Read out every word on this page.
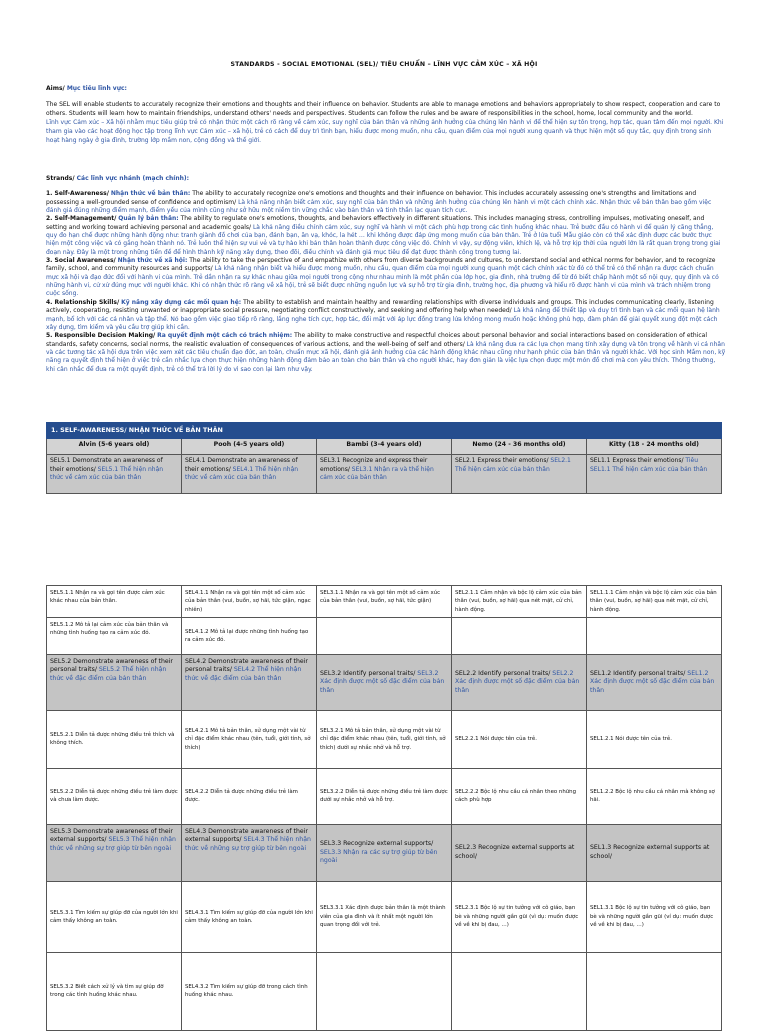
STANDARDS - SOCIAL EMOTIONAL (SEL)/ TIÊU CHUẨN – LĨNH VỰC CẢM XÚC – XÃ HỘI
Aims/ Mục tiêu lĩnh vực:
The SEL will enable students to accurately recognize their emotions and thoughts and their influence on behavior. Students are able to manage emotions and behaviors appropriately to show respect, cooperation and care to others. Students will learn how to maintain friendships, understand others' needs and perspectives. Students can follow the rules and be aware of responsibilities in the school, home, local community and the world.
Lĩnh vực Cảm xúc – Xã hội nhằm mục tiêu giúp trẻ có nhận thức một cách rõ ràng về cảm xúc, suy nghĩ của bản thân và những ảnh hưởng của chúng lên hành vi để thể hiện sự tôn trọng, hợp tác, quan tâm đến mọi người. Khi tham gia vào các hoạt động học tập trong lĩnh vực Cảm xúc – xã hội, trẻ có cách để duy trì tình bạn, hiểu được mong muốn, nhu cầu, quan điểm của mọi người xung quanh và thực hiện một số quy tắc, quy định trong sinh hoạt hàng ngày ở gia đình, trường lớp mầm non, cộng đồng và thế giới.
Strands/ Các lĩnh vực nhánh (mạch chính):

1. Self-Awareness/ Nhận thức về bản thân: The ability to accurately recognize one's emotions and thoughts and their influence on behavior. This includes accurately assessing one's strengths and limitations and possessing a well-grounded sense of confidence and optimism/ Là khả năng nhận biết cảm xúc, suy nghĩ của bản thân và những ảnh hưởng của chúng lên hành vi một cách chính xác. Nhận thức về bản thân bao gồm việc đánh giá đúng những điểm mạnh, điểm yếu của mình cũng như sở hữu một niềm tin vững chắc vào bản thân và tinh thần lạc quan tích cực.

2. Self-Management/ Quản lý bản thân: The ability to regulate one's emotions, thoughts, and behaviors effectively in different situations. This includes managing stress, controlling impulses, motivating oneself, and setting and working toward achieving personal and academic goals/ Là khả năng điều chỉnh cảm xúc, suy nghĩ và hành vi một cách phù hợp trong các tình huống khác nhau. Trẻ bước đầu có hành vi để quản lý căng thẳng, quy đo hạn chế được những hành động như: tranh giành đồ chơi của bạn, đánh bạn, ăn vạ, khóc, la hét … khi không được đáp ứng mong muốn của bản thân. Trẻ ở lứa tuổi Mẫu giáo còn có thể xác định được các bước thực hiện một công việc và có gắng hoàn thành nó. Trẻ luôn thể hiện sự vui vẻ và tự hào khi bản thân hoàn thành được công việc đó. Chính vì vậy, sự động viên, khích lệ, và hỗ trợ kịp thời của người lớn là rất quan trọng trong giai đoạn này. Đây là một trong những tiền đề để hình thành kỹ năng xây dựng, theo đõi, điều chỉnh và đánh giá mục tiêu để đạt được thành công trong tương lai.

3. Social Awareness/ Nhận thức về xã hội: The ability to take the perspective of and empathize with others from diverse backgrounds and cultures, to understand social and ethical norms for behavior, and to recognize family, school, and community resources and supports/ Là khả năng nhận biết và hiểu được mong muốn, nhu cầu, quan điểm của mọi người xung quanh một cách chính xác từ đó có thể trẻ có thể nhận ra được cách chuẩn mực xã hội và đạo đức đối với hành vi của mình. Trẻ dần nhận ra sự khác nhau giữa mọi người trong cộng như nhau minh là một phần của lớp học, gia đình, nhà trường để từ đó biết chấp hành một số nội quy, quy định và có những hành vi, cử xử đúng mực với người khác. Khi có nhận thức rõ ràng về xã hội, trẻ sẽ biết được những nguồn lực và sự hỗ trợ từ gia đình, trường học, địa phương và hiểu rõ được hành vi của mình và trách nhiệm trong cuộc sống.

4. Relationship Skills/ Kỹ năng xây dựng các mối quan hệ: The ability to establish and maintain healthy and rewarding relationships with diverse individuals and groups. This includes communicating clearly, listening actively, cooperating, resisting unwanted or inappropriate social pressure, negotiating conflict constructively, and seeking and offering help when needed/ Là khả năng để thiết lập và duy trì tình bạn và các mối quan hệ lành mạnh, bổ ích với các cá nhân và tập thể. Nó bao gồm việc giao tiếp rõ ràng, lắng nghe tích cực, hợp tác, đối mặt với áp lực đồng trang lứa không mong muốn hoặc không phù hợp, đàm phán để giải quyết xung đột một cách xây dựng, tìm kiếm và yêu cầu trợ giúp khi cần.

5. Responsible Decision Making/ Ra quyết định một cách có trách nhiệm: The ability to make constructive and respectful choices about personal behavior and social interactions based on consideration of ethical standards, safety concerns, social norms, the realistic evaluation of consequences of various actions, and the well-being of self and others/ Là khả năng đưa ra các lựa chọn mang tính xây dựng và tôn trọng về hành vi cá nhân và các tương tác xã hội dựa trên việc xem xét các tiêu chuẩn đạo đức, an toàn, chuẩn mực xã hội, đánh giá ảnh hưởng của các hành động khác nhau cũng như hạnh phúc của bản thân và người khác. Với học sinh Mầm non, kỹ năng ra quyết định thể hiện ở việc trẻ cần nhắc lựa chọn thực hiện những hành động đảm bảo an toàn cho bản thân và cho người khác, hay đơn giản là việc lựa chọn được một món đồ chơi mà con yêu thích. Thông thường, khi cân nhắc để đưa ra một quyết định, trẻ có thể trả lời lý do vì sao con lại làm như vậy.

1. SELF-AWARENESS/ NHẬN THỨC VỀ BẢN THÂN				
Alvin (5-6 years old)	Pooh (4-5 years old)	Bambi (3-4 years old)	Nemo (24 - 36 months old)	Kitty (18 - 24 months old)
SEL5.1 Demonstrate an awareness of their emotions/ SEL5.1 Thể hiện nhận thức về cảm xúc của bản thân	SEL4.1 Demonstrate an awareness of their emotions/ SEL4.1 Thể hiện nhận thức về cảm xúc của bản thân	SEL3.1 Recognize and express their emotions/ SEL3.1 Nhận ra và thể hiện cảm xúc của bản thân	SEL2.1 Express their emotions/ SEL2.1 Thể hiện cảm xúc của bản thân	SEL1.1 Express their emotions/ Tiêu SEL1.1 Thể hiện cảm xúc của bản thân
SEL5.1.1 Nhận ra và gọi tên được cảm xúc khác nhau của bản thân.	SEL4.1.1 Nhận ra và gọi tên một số cảm xúc của bản thân (vui, buồn, sợ hãi, tức giận, ngạc nhiên)	SEL3.1.1 Nhận ra và gọi tên một số cảm xúc của bản thân (vui, buồn, sợ hãi, tức giận)	SEL2.1.1 Cảm nhận và bộc lộ cảm xúc của bản thân (vui, buồn, sợ hãi) qua nét mặt, cử chỉ, hành động.	SEL1.1.1 Cảm nhận và bộc lộ cảm xúc của bản thân (vui, buồn, sợ hãi) qua nét mặt, cử chỉ, hành động.
SEL5.1.2 Mô tả lại cảm xúc của bản thân và những tình huống tạo ra cảm xúc đó.	SEL4.1.2 Mô tả lại được những tình huống tạo ra cảm xúc đó.			
SEL5.2 Demonstrate awareness of their personal traits/ SEL5.2 Thể hiện nhận thức về đặc điểm của bản thân	SEL4.2 Demonstrate awareness of their personal traits/ SEL4.2 Thể hiện nhận thức về đặc điểm của bản thân	SEL3.2 Identify personal traits/ SEL3.2 Xác định được một số đặc điểm của bản thân	SEL2.2 Identify personal traits/ SEL2.2 Xác định được một số đặc điểm của bản thân	SEL1.2 Identify personal traits/ SEL1.2 Xác định được một số đặc điểm của bản thân
SEL5.2.1 Diễn tả được những điều trẻ thích và không thích.	SEL4.2.1 Mô tả bản thân, sử dụng một vài từ chỉ đặc điểm khác nhau (tên, tuổi, giới tính, sở thích)	SEL3.2.1 Mô tả bản thân, sử dụng một vài từ chỉ đặc điểm khác nhau (tên, tuổi, giới tính, sở thích) dưới sự nhắc nhở và hỗ trợ.	SEL2.2.1 Nói được tên của trẻ.	SEL1.2.1 Nói được tên của trẻ.
SEL5.2.2 Diễn tả được những điều trẻ làm được và chưa làm được.	SEL4.2.2 Diễn tả được những điều trẻ làm được.	SEL3.2.2 Diễn tả được những điều trẻ làm được dưới sự nhắc nhở và hỗ trợ.	SEL2.2.2 Bộc lộ nhu cầu cá nhân theo những cách phù hợp	SEL1.2.2 Bộc lộ nhu cầu cá nhân mà không sợ hãi.
SEL5.3 Demonstrate awareness of their external supports/ SEL5.3 Thể hiện nhận thức về những sự trợ giúp từ bên ngoài	SEL4.3 Demonstrate awareness of their external supports/ SEL4.3 Thể hiện nhận thức về những sự trợ giúp từ bên ngoài	SEL3.3 Recognize external supports/ SEL3.3 Nhận ra các sự trợ giúp từ bên ngoài	SEL2.3 Recognize external supports at school/	SEL1.3 Recognize external supports at school/
SEL5.3.1 Tìm kiếm sự giúp đỡ của người lớn khi cảm thấy không an toàn.	SEL4.3.1 Tìm kiếm sự giúp đỡ của người lớn khi cảm thấy không an toàn.	SEL3.3.1 Xác định được bản thân là một thành viên của gia đình và ít nhất một người lớn quan trọng đối với trẻ.	SEL2.3.1 Bộc lộ sự tin tưởng với cô giáo, bạn bè và những người gần gũi (vì dụ: muốn được về về khi bị đau, …)	SEL1.3.1 Bộc lộ sự tin tưởng với cô giáo, bạn bè và những người gần gũi (ví dụ: muốn được về về khi bị đau, …)
SEL5.3.2 Biết cách xử lý và tìm sự giúp đỡ trong các tình huống khác nhau.	SEL4.3.2 Tìm kiếm sự giúp đỡ trong cách tình huống khác nhau.			
